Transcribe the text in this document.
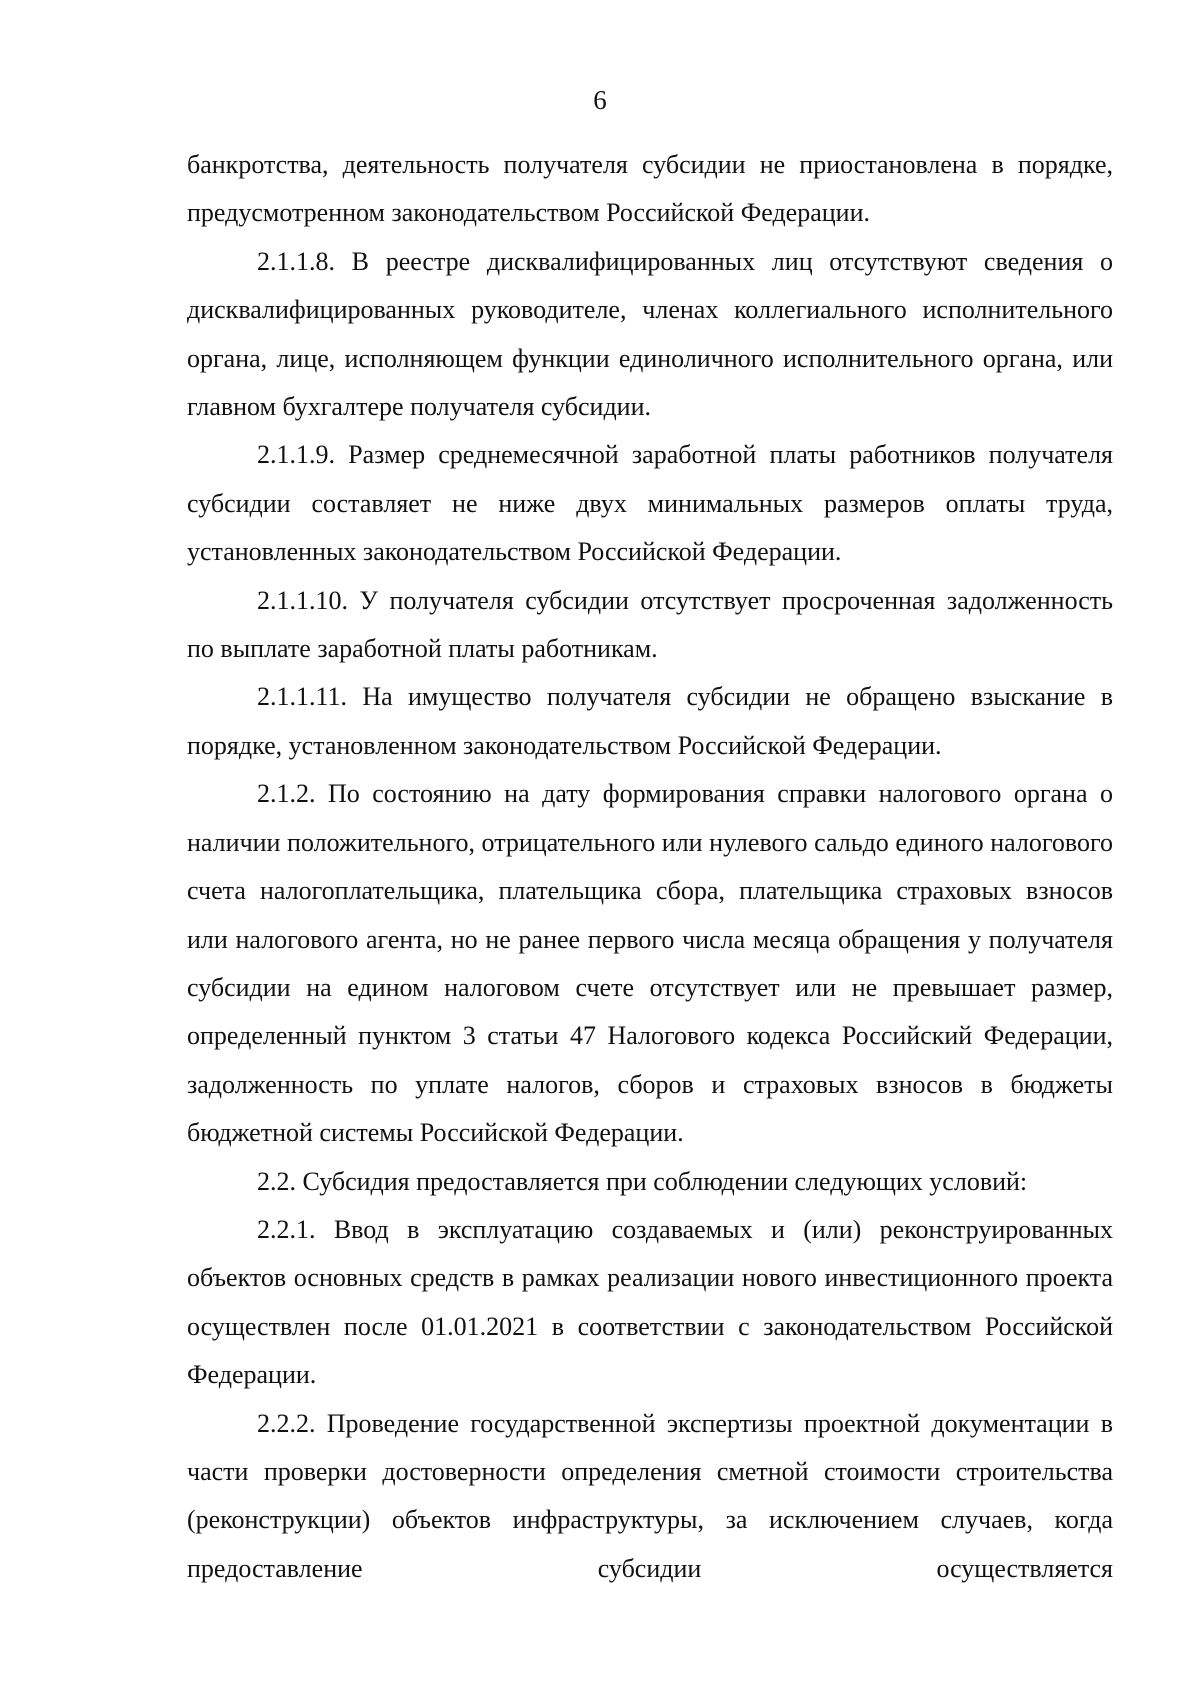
6

банкротства, деятельность получателя субсидии не приостановлена в порядке, предусмотренном законодательством Российской Федерации.

2.1.1.8. В реестре дисквалифицированных лиц отсутствуют сведения о дисквалифицированных руководителе, членах коллегиального исполнительного органа, лице, исполняющем функции единоличного исполнительного органа, или главном бухгалтере получателя субсидии.

2.1.1.9. Размер среднемесячной заработной платы работников получателя субсидии составляет не ниже двух минимальных размеров оплаты труда, установленных законодательством Российской Федерации.

2.1.1.10. У получателя субсидии отсутствует просроченная задолженность по выплате заработной платы работникам.

2.1.1.11. На имущество получателя субсидии не обращено взыскание в порядке, установленном законодательством Российской Федерации.

2.1.2. По состоянию на дату формирования справки налогового органа о наличии положительного, отрицательного или нулевого сальдо единого налогового счета налогоплательщика, плательщика сбора, плательщика страховых взносов или налогового агента, но не ранее первого числа месяца обращения у получателя субсидии на едином налоговом счете отсутствует или не превышает размер, определенный пунктом 3 статьи 47 Налогового кодекса Российский Федерации, задолженность по уплате налогов, сборов и страховых взносов в бюджеты бюджетной системы Российской Федерации.

2.2. Субсидия предоставляется при соблюдении следующих условий:

2.2.1. Ввод в эксплуатацию создаваемых и (или) реконструированных объектов основных средств в рамках реализации нового инвестиционного проекта осуществлен после 01.01.2021 в соответствии с законодательством Российской Федерации.

2.2.2. Проведение государственной экспертизы проектной документации в части проверки достоверности определения сметной стоимости строительства (реконструкции) объектов инфраструктуры, за исключением случаев, когда предоставление субсидии осуществляется
